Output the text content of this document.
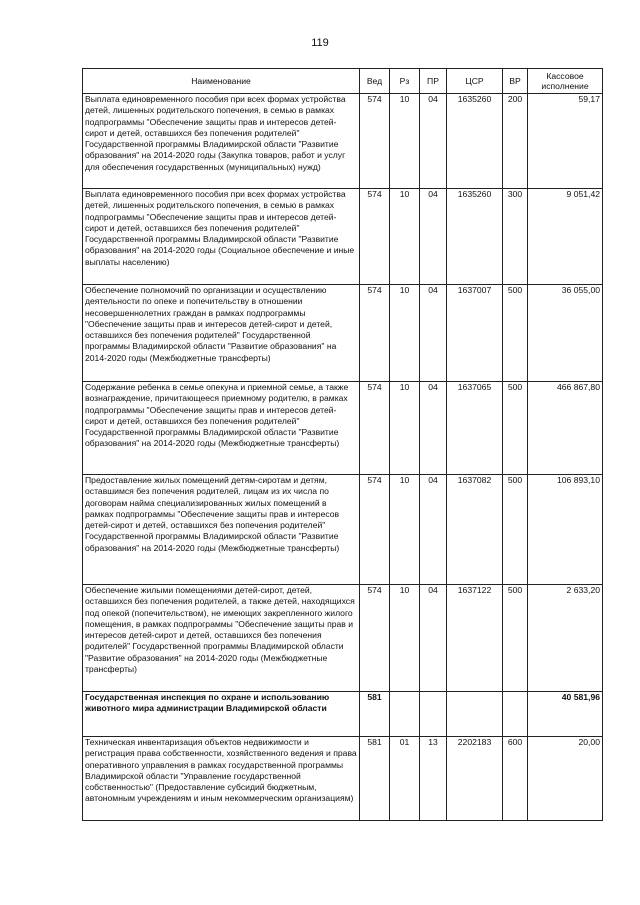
119
Наименование	Вед	Рз	ПР	ЦСР	ВР	Кассовое исполнение
Выплата единовременного пособия при всех формах устройства детей, лишенных родительского попечения, в семью в рамках подпрограммы "Обеспечение защиты прав и интересов детей-сирот и детей, оставшихся без попечения родителей" Государственной программы Владимирской области "Развитие образования" на 2014-2020 годы (Закупка товаров, работ и услуг для обеспечения государственных (муниципальных) нужд)	574	10	04	1635260	200	59,17
Выплата единовременного пособия при всех формах устройства детей, лишенных родительского попечения, в семью в рамках подпрограммы "Обеспечение защиты прав и интересов детей-сирот и детей, оставшихся без попечения родителей" Государственной программы Владимирской области "Развитие образования" на 2014-2020 годы (Социальное обеспечение и иные выплаты населению)	574	10	04	1635260	300	9 051,42
Обеспечение полномочий по организации и осуществлению деятельности по опеке и попечительству в отношении несовершеннолетних граждан в рамках подпрограммы "Обеспечение защиты прав и интересов детей-сирот и детей, оставшихся без попечения родителей" Государственной программы Владимирской области "Развитие образования" на 2014-2020 годы (Межбюджетные трансферты)	574	10	04	1637007	500	36 055,00
Содержание ребенка в семье опекуна и приемной семье, а также вознаграждение, причитающееся приемному родителю, в рамках подпрограммы "Обеспечение защиты прав и интересов детей-сирот и детей, оставшихся без попечения родителей" Государственной программы Владимирской области "Развитие образования" на 2014-2020 годы (Межбюджетные трансферты)	574	10	04	1637065	500	466 867,80
Предоставление жилых помещений детям-сиротам и детям, оставшимся без попечения родителей, лицам из их числа по договорам найма специализированных жилых помещений в рамках подпрограммы "Обеспечение защиты прав и интересов детей-сирот и детей, оставшихся без попечения родителей" Государственной программы Владимирской области "Развитие образования" на 2014-2020 годы (Межбюджетные трансферты)	574	10	04	1637082	500	106 893,10
Обеспечение жилыми помещениями детей-сирот, детей, оставшихся без попечения родителей, а также детей, находящихся под опекой (попечительством), не имеющих закрепленного жилого помещения, в рамках подпрограммы "Обеспечение защиты прав и интересов детей-сирот и детей, оставшихся без попечения родителей" Государственной программы Владимирской области "Развитие образования" на 2014-2020 годы (Межбюджетные трансферты)	574	10	04	1637122	500	2 633,20
Государственная инспекция по охране и использованию животного мира администрации Владимирской области	581					40 581,96
Техническая инвентаризация объектов недвижимости и регистрация права собственности, хозяйственного ведения и права оперативного управления в рамках государственной программы Владимирской области "Управление государственной собственностью" (Предоставление субсидий бюджетным, автономным учреждениям и иным некоммерческим организациям)	581	01	13	2202183	600	20,00
